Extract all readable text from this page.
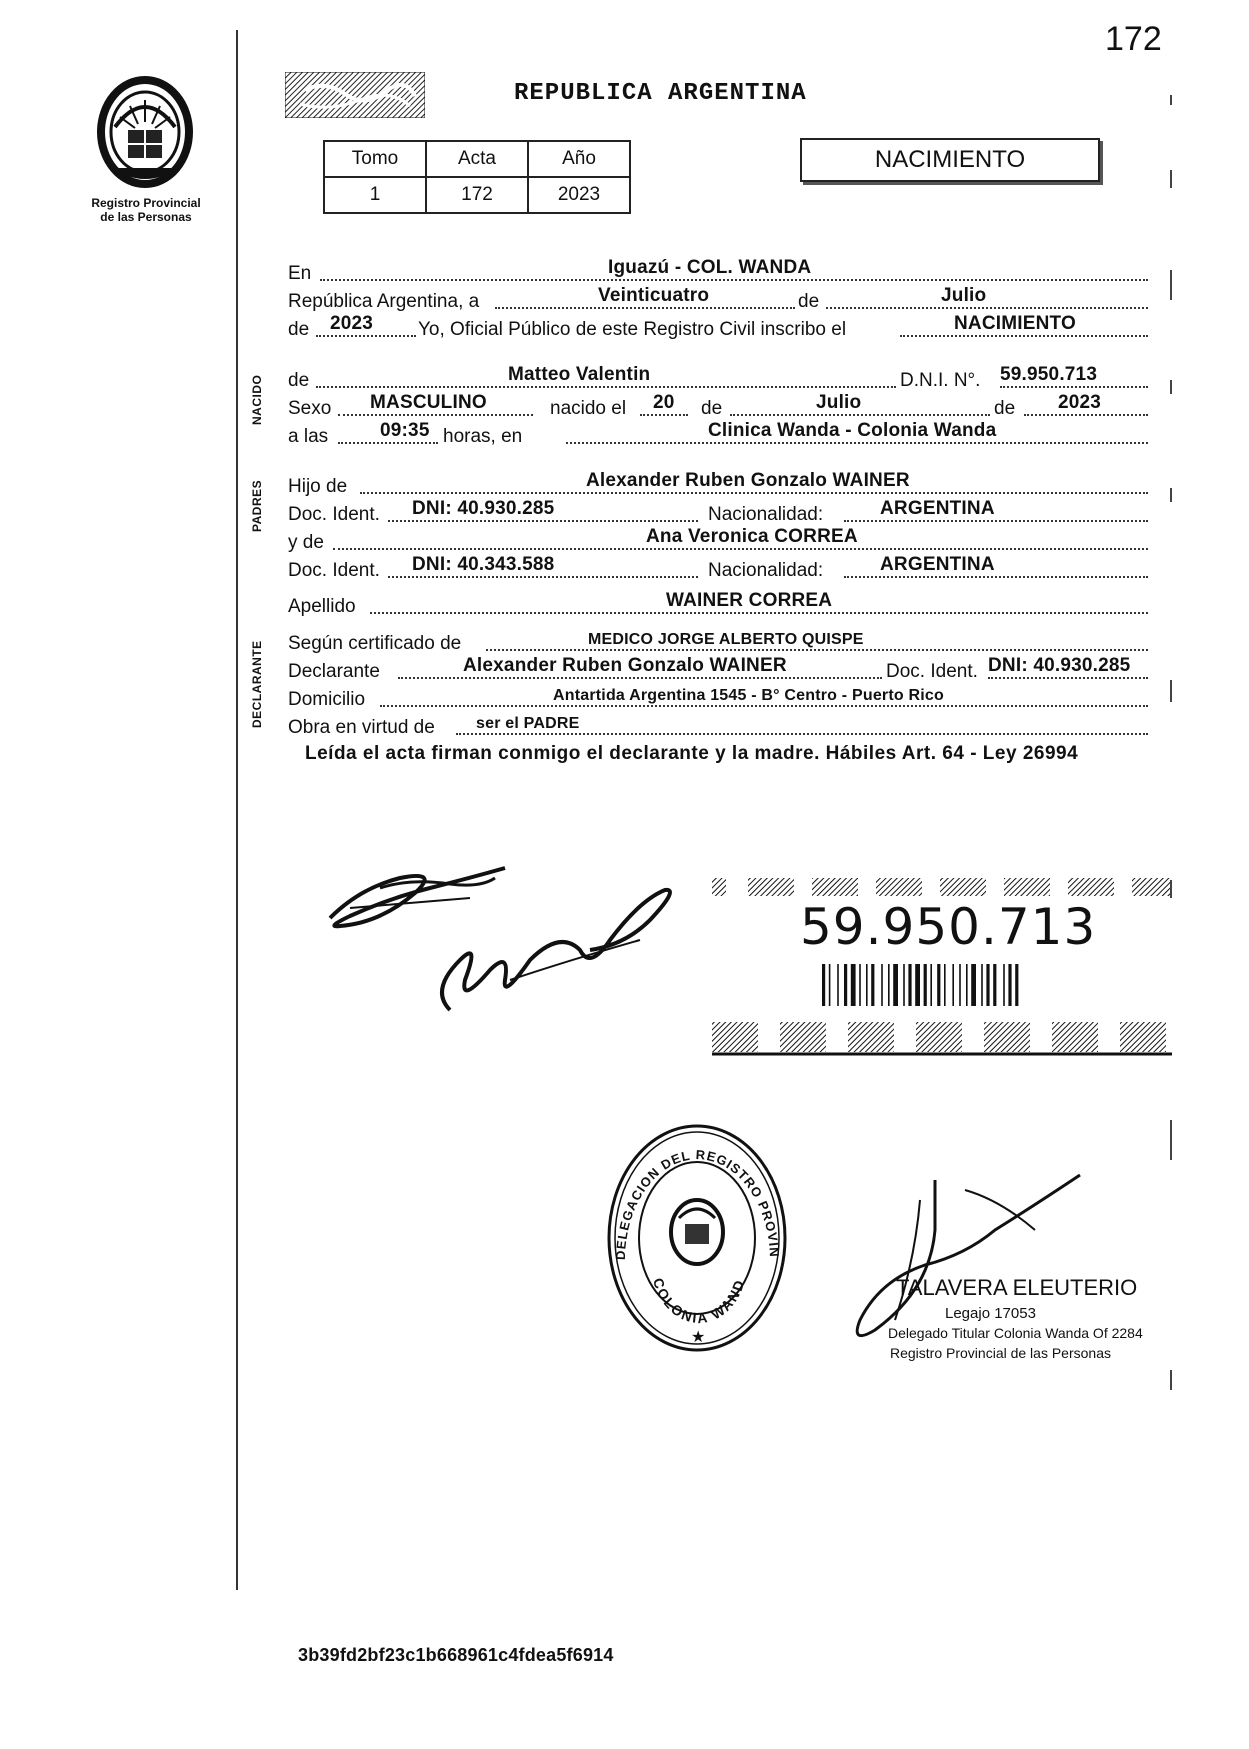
172
Registro Provincial
de las Personas
REPUBLICA ARGENTINA
Tomo	Acta	Año
1	172	2023
NACIMIENTO
NACIDO
PADRES
DECLARANTE
En	Iguazú - COL. WANDA
República Argentina, a	Veinticuatro	de	Julio
de 2023 Yo, Oficial Público de este Registro Civil inscribo el	NACIMIENTO
de	Matteo Valentin	D.N.I. N°. 59.950.713
Sexo MASCULINO	nacido el 20 de	Julio	de 2023
a las	09:35 horas, en	Clinica Wanda - Colonia Wanda
Hijo de	Alexander Ruben Gonzalo WAINER
Doc. Ident. DNI: 40.930.285	Nacionalidad:	ARGENTINA
y de	Ana Veronica CORREA
Doc. Ident. DNI: 40.343.588	Nacionalidad:	ARGENTINA
Apellido	WAINER CORREA
Según certificado de	MEDICO JORGE ALBERTO QUISPE
Declarante	Alexander Ruben Gonzalo WAINER	Doc. Ident. DNI: 40.930.285
Domicilio	Antartida Argentina 1545 - B° Centro - Puerto Rico
Obra en virtud de	ser el PADRE
Leída el acta firman conmigo el declarante y la madre. Hábiles Art. 64 - Ley 26994
59.950.713
DELEGACION DEL REGISTRO PROVIN
COLONIA WAND
★
TALAVERA ELEUTERIO
Legajo 17053
Delegado Titular Colonia Wanda Of 2284
Registro Provincial de las Personas
3b39fd2bf23c1b668961c4fdea5f6914
